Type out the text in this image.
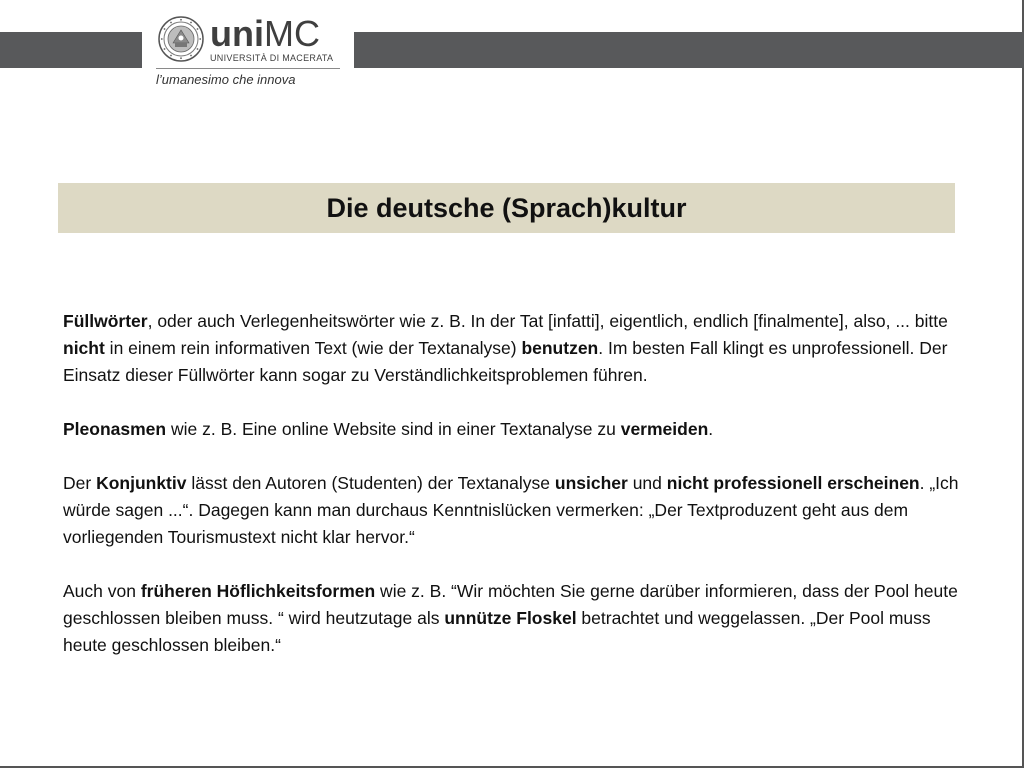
uniMC
UNIVERSITÀ DI MACERATA
l’umanesimo che innova
Die deutsche (Sprach)kultur

Füllwörter, oder auch Verlegenheitswörter wie z. B. In der Tat [infatti], eigentlich, endlich [finalmente], also, ... bitte nicht in einem rein informativen Text (wie der Textanalyse) benutzen. Im besten Fall klingt es unprofessionell. Der Einsatz dieser Füllwörter kann sogar zu Verständlichkeitsproblemen führen.

Pleonasmen wie z. B. Eine online Website sind in einer Textanalyse zu vermeiden.

Der Konjunktiv lässt den Autoren (Studenten) der Textanalyse unsicher und nicht professionell erscheinen. „Ich würde sagen ...“. Dagegen kann man durchaus Kenntnislücken vermerken: „Der Textproduzent geht aus dem vorliegenden Tourismustext nicht klar hervor.“

Auch von früheren Höflichkeitsformen wie z. B. “Wir möchten Sie gerne darüber informieren, dass der Pool heute geschlossen bleiben muss. “ wird heutzutage als unnütze Floskel betrachtet und weggelassen. „Der Pool muss heute geschlossen bleiben.“
